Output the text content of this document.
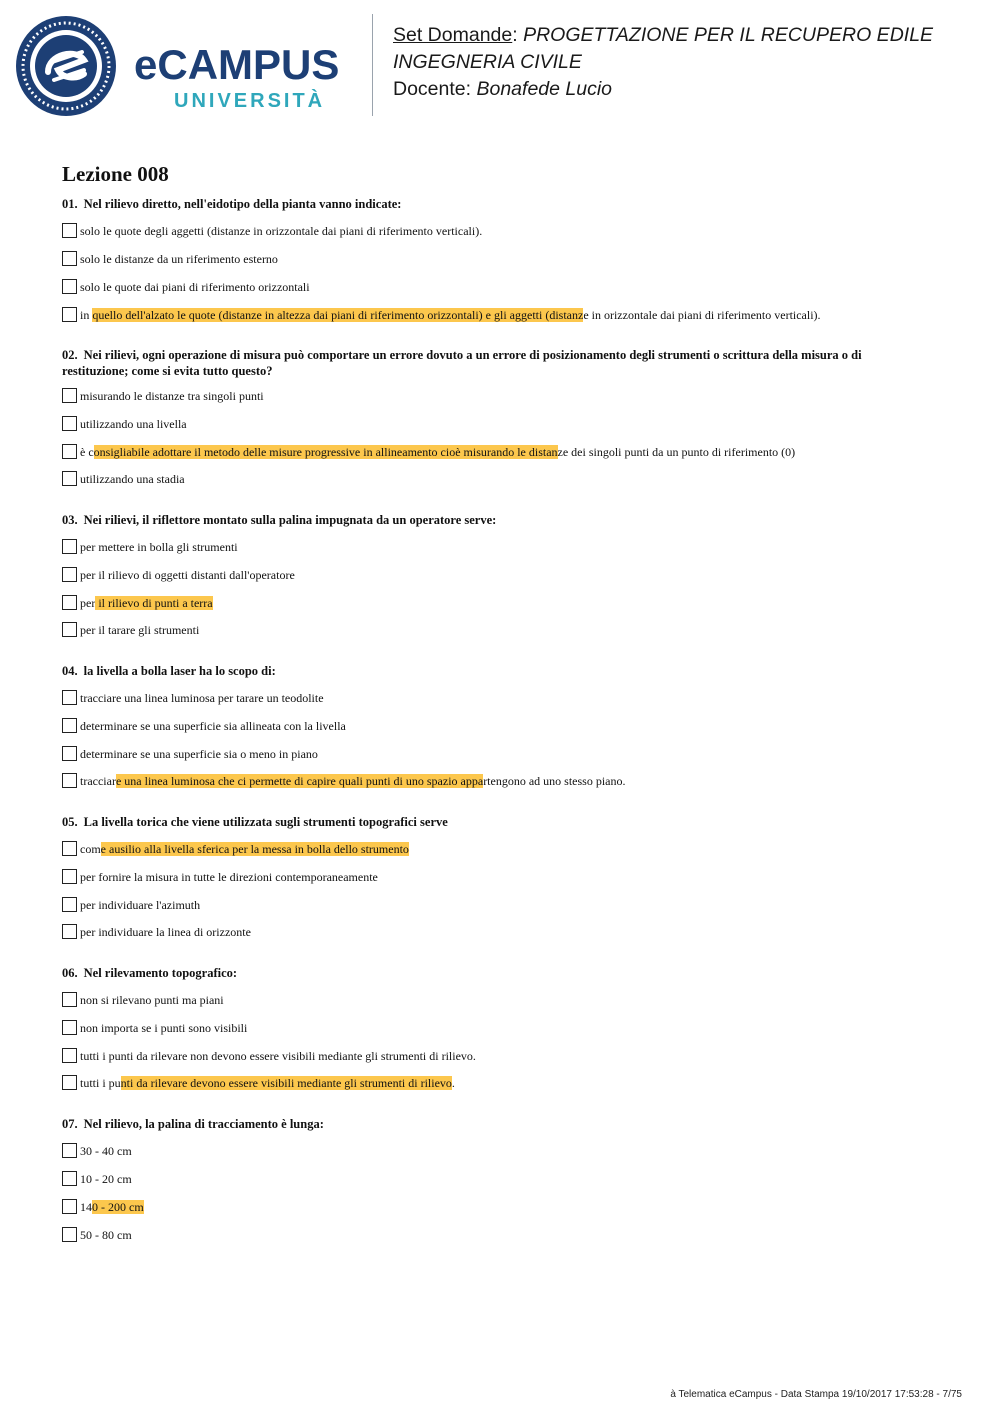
eCAMPUS
UNIVERSITÀ
Set Domande: PROGETTAZIONE PER IL RECUPERO EDILE
INGEGNERIA CIVILE
Docente: Bonafede Lucio
Lezione 008

01. Nel rilievo diretto, nell'eidotipo della pianta vanno indicate:

solo le quote degli aggetti (distanze in orizzontale dai piani di riferimento verticali).
solo le distanze da un riferimento esterno
solo le quote dai piani di riferimento orizzontali
in quello dell'alzato le quote (distanze in altezza dai piani di riferimento orizzontali) e gli aggetti (distanze in orizzontale dai piani di riferimento verticali).

02. Nei rilievi, ogni operazione di misura può comportare un errore dovuto a un errore di posizionamento degli strumenti o scrittura della misura o di restituzione; come si evita tutto questo?

misurando le distanze tra singoli punti
utilizzando una livella
è consigliabile adottare il metodo delle misure progressive in allineamento cioè misurando le distanze dei singoli punti da un punto di riferimento (0)
utilizzando una stadia

03. Nei rilievi, il riflettore montato sulla palina impugnata da un operatore serve:

per mettere in bolla gli strumenti
per il rilievo di oggetti distanti dall'operatore
per il rilievo di punti a terra
per il tarare gli strumenti

04. la livella a bolla laser ha lo scopo di:

tracciare una linea luminosa per tarare un teodolite
determinare se una superficie sia allineata con la livella
determinare se una superficie sia o meno in piano
tracciare una linea luminosa che ci permette di capire quali punti di uno spazio appartengono ad uno stesso piano.

05. La livella torica che viene utilizzata sugli strumenti topografici serve

come ausilio alla livella sferica per la messa in bolla dello strumento
per fornire la misura in tutte le direzioni contemporaneamente
per individuare l'azimuth
per individuare la linea di orizzonte

06. Nel rilevamento topografico:

non si rilevano punti ma piani
non importa se i punti sono visibili
tutti i punti da rilevare non devono essere visibili mediante gli strumenti di rilievo.
tutti i punti da rilevare devono essere visibili mediante gli strumenti di rilievo.

07. Nel rilievo, la palina di tracciamento è lunga:

30 - 40 cm
10 - 20 cm
140 - 200 cm
50 - 80 cm
à Telematica eCampus - Data Stampa 19/10/2017 17:53:28 - 7/75
